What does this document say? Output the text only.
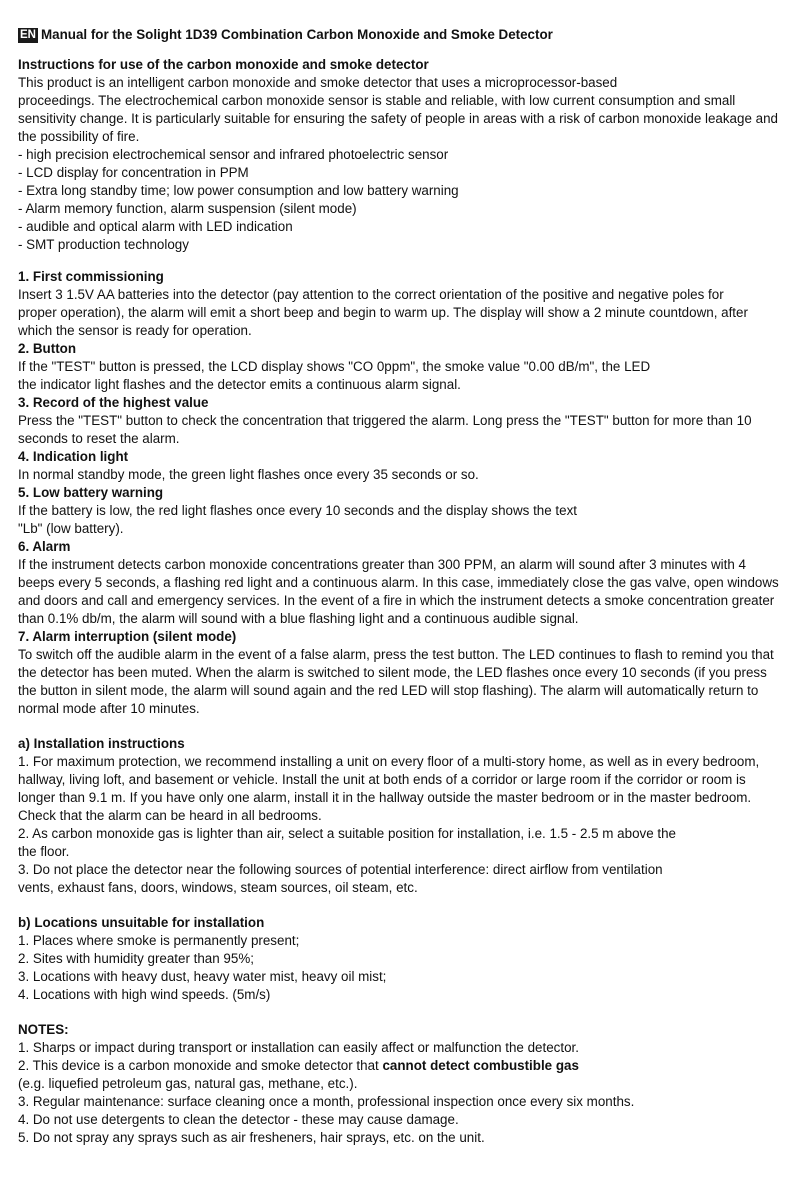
EN Manual for the Solight 1D39 Combination Carbon Monoxide and Smoke Detector
Instructions for use of the carbon monoxide and smoke detector
This product is an intelligent carbon monoxide and smoke detector that uses a microprocessor-based
proceedings. The electrochemical carbon monoxide sensor is stable and reliable, with low current consumption and small
sensitivity change. It is particularly suitable for ensuring the safety of people in areas with a risk of carbon monoxide leakage and
the possibility of fire.
- high precision electrochemical sensor and infrared photoelectric sensor
- LCD display for concentration in PPM
- Extra long standby time; low power consumption and low battery warning
- Alarm memory function, alarm suspension (silent mode)
- audible and optical alarm with LED indication
- SMT production technology
1. First commissioning
Insert 3 1.5V AA batteries into the detector (pay attention to the correct orientation of the positive and negative poles for
proper operation), the alarm will emit a short beep and begin to warm up. The display will show a 2 minute countdown, after
which the sensor is ready for operation.
2. Button
If the "TEST" button is pressed, the LCD display shows "CO 0ppm", the smoke value "0.00 dB/m", the LED
the indicator light flashes and the detector emits a continuous alarm signal.
3. Record of the highest value
Press the "TEST" button to check the concentration that triggered the alarm. Long press the "TEST" button for more than 10
seconds to reset the alarm.
4. Indication light
In normal standby mode, the green light flashes once every 35 seconds or so.
5. Low battery warning
If the battery is low, the red light flashes once every 10 seconds and the display shows the text
"Lb" (low battery).
6. Alarm
If the instrument detects carbon monoxide concentrations greater than 300 PPM, an alarm will sound after 3 minutes with 4
beeps every 5 seconds, a flashing red light and a continuous alarm. In this case, immediately close the gas valve, open windows
and doors and call and emergency services. In the event of a fire in which the instrument detects a smoke concentration greater
than 0.1% db/m, the alarm will sound with a blue flashing light and a continuous audible signal.
7. Alarm interruption (silent mode)
To switch off the audible alarm in the event of a false alarm, press the test button. The LED continues to flash to remind you that
the detector has been muted. When the alarm is switched to silent mode, the LED flashes once every 10 seconds (if you press
the button in silent mode, the alarm will sound again and the red LED will stop flashing). The alarm will automatically return to
normal mode after 10 minutes.
a) Installation instructions
1. For maximum protection, we recommend installing a unit on every floor of a multi-story home, as well as in every bedroom,
hallway, living loft, and basement or vehicle. Install the unit at both ends of a corridor or large room if the corridor or room is
longer than 9.1 m. If you have only one alarm, install it in the hallway outside the master bedroom or in the master bedroom.
Check that the alarm can be heard in all bedrooms.
2. As carbon monoxide gas is lighter than air, select a suitable position for installation, i.e. 1.5 - 2.5 m above the
the floor.
3. Do not place the detector near the following sources of potential interference: direct airflow from ventilation
vents, exhaust fans, doors, windows, steam sources, oil steam, etc.
b) Locations unsuitable for installation
1. Places where smoke is permanently present;
2. Sites with humidity greater than 95%;
3. Locations with heavy dust, heavy water mist, heavy oil mist;
4. Locations with high wind speeds. (5m/s)
NOTES:
1. Sharps or impact during transport or installation can easily affect or malfunction the detector.
2. This device is a carbon monoxide and smoke detector that cannot detect combustible gas
(e.g. liquefied petroleum gas, natural gas, methane, etc.).
3. Regular maintenance: surface cleaning once a month, professional inspection once every six months.
4. Do not use detergents to clean the detector - these may cause damage.
5. Do not spray any sprays such as air fresheners, hair sprays, etc. on the unit.
